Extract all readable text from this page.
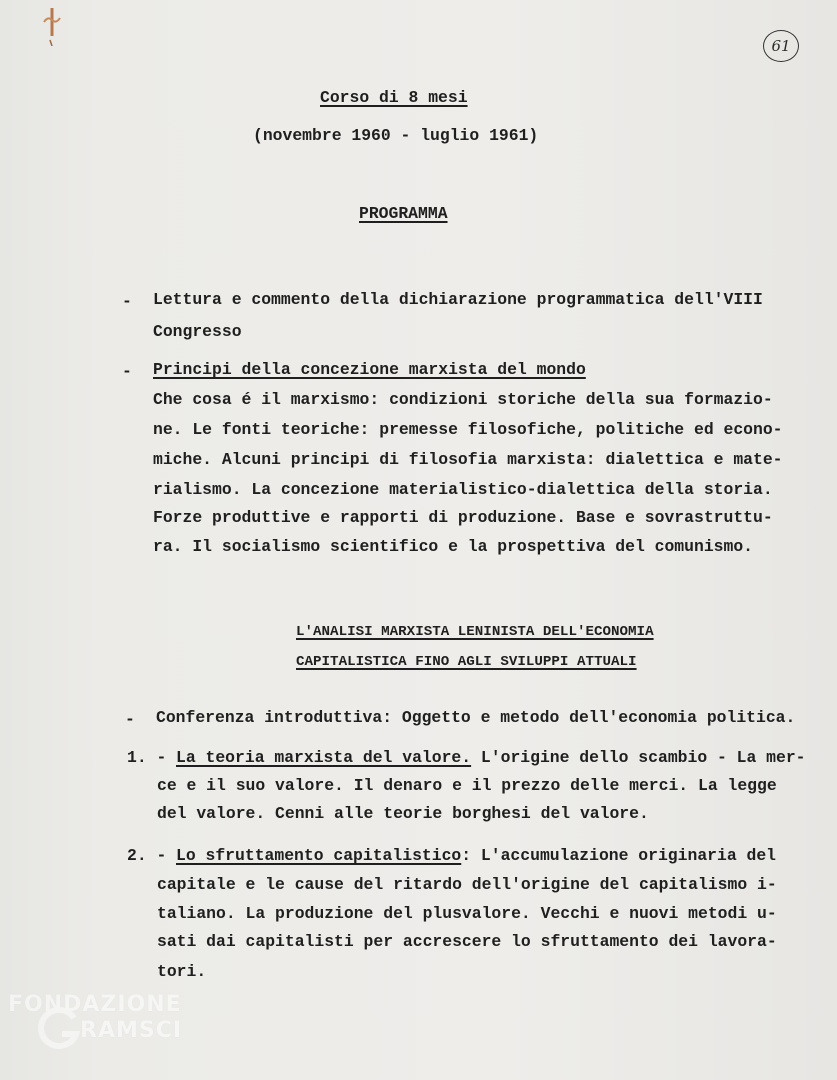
61
Corso di 8 mesi
(novembre 1960 - luglio 1961)
PROGRAMMA
- Lettura e commento della dichiarazione programmatica dell'VIII
Congresso
- Principi della concezione marxista del mondo
Che cosa é il marxismo: condizioni storiche della sua formazio-
ne. Le fonti teoriche: premesse filosofiche, politiche ed econo-
miche. Alcuni principi di filosofia marxista: dialettica e mate-
rialismo. La concezione materialistico-dialettica della storia.
Forze produttive e rapporti di produzione. Base e sovrastruttu-
ra. Il socialismo scientifico e la prospettiva del comunismo.
L'ANALISI MARXISTA LENINISTA DELL'ECONOMIA
CAPITALISTICA FINO AGLI SVILUPPI ATTUALI
- Conferenza introduttiva: Oggetto e metodo dell'economia politica.
1. - La teoria marxista del valore. L'origine dello scambio - La mer-
ce e il suo valore. Il denaro e il prezzo delle merci. La legge
del valore. Cenni alle teorie borghesi del valore.
2. - Lo sfruttamento capitalistico: L'accumulazione originaria del
capitale e le cause del ritardo dell'origine del capitalismo i-
taliano. La produzione del plusvalore. Vecchi e nuovi metodi u-
sati dai capitalisti per accrescere lo sfruttamento dei lavora-
tori.
FONDAZIONE
RAMSCI
